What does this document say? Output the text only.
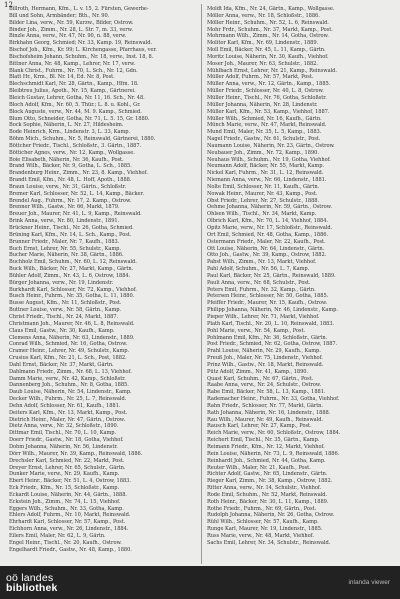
12
Billroth, Hermann, Kfm., L. v. 15, 2. Fürsten, Gewerbe-
Bill und Sohn, Armbänder; Bth., Nr. 90.
Bilder Lina, verw., Nr. 59, Kurzw., Bilder, Ostrow.
Binder Joh., Zimm., Nr. 28, L. Str. 7, m. 33, verw.
Binzle Anna, verw., Nr. 47, Nr. 90, n. 88, verw.
Birkhahn Georg, Schmied; Nr. 33, Kamp. 19, Reinswald.
Bischof Joh., Kfm., Kr. 99; L. Kirchengasse, Pfarrhaus, ver.
Bischofsheim Johann, Schuhm., Nr. 18, verw., Inst. 18, 8.
Bittner Anna, Nr. 48, Kamp., Lehrer, Nr. 17, verw.
Blank Christ., Fuhrm., Nr. 70, L. Sch., Nr. 12, Gdn.
Blatt Hr., Krm., Bl. Nr. 14, Ed. Nr. 8, Post.
Blechschmidt Karl, Nr. 28, Gärtn., Kamp., Hfm. 18.
Bleibtreu Julius, Apoth., Nr. 15, Kamp., Gärtnerei.
Bleich Gustav, Lehrer, Gotha, Nr. 11, 16. Sch., Nr. 48.
Bloch Adolf, Kfm., Nr. 60, 5. Thür.; L. 8. u. Kohl., Gr.
Block Auguste, verw., Nr. 44, M. 9. Kamp., Schmied.
Blum Otto, Schneider, Gotha, Nr. 71, L. 5. 15, Gr. 1880.
Bock Sophie, Näherin, L. Nr. 27, Hildesheim.
Bode Heinrich, Krm., Lindenstr. 3, L. 33, Kamp.
Böhm Mich., Schuhm., Nr. 5, Reinswald, Gärtnerei, 1880.
Böttcher Friedr., Tischl., Schloßstr., 3. Gärtn., 1887.
Bötticher Agnes, verw., Nr. 12, Kamp., Wollgasse.
Boie Elisabeth, Näherin, Nr. 36, Kaufh., Post.
Brand Wilh., Bäcker, Nr. 9, Gotha, L. Sch., 1885.
Brandenburg Heinr., Zimm., Nr. 23, 8. Kamp., Viehhof.
Brandt Emil, Kfm., Nr. 48, L. Hoff, Apoth., 1888.
Braun Louise, verw., Nr. 31, Gärtn., Schloßstr.
Bremer Karl, Schlosser, Nr. 52, L. 14, Kamp., Bäcker.
Brendel Aug., Fuhrm., Nr. 17, 2. Kamp., Ostrow.
Brenner Wilh., Gastw., Nr. 66, Markt, 1879.
Breuer Joh., Maurer, Nr. 41, L. 9, Kamp., Reinswald.
Brink Anna, verw., Nr. 80, Lindenstr., 1891.
Brückner Heinr., Tischl., Nr. 26, Gotha, Schmied.
Brüning Karl, Kfm., Nr. 14, L. Sch., Kamp., Post.
Brunner Friedr., Maler, Nr. 7, Kaufh., 1883.
Buch Ernst, Lehrer, Nr. 55, Schulstr., Kamp.
Bucher Marie, Näherin, Nr. 38, Gärtn., 1886.
Buchholz Emil, Schuhm., Nr. 60, L. 12, Reinswald.
Buck Wilh., Bäcker, Nr. 27, Markt, Kamp., Gärtn.
Bühler Adolf, Zimm., Nr. 43, L. 6, Ostrow, 1884.
Bürger Johanna, verw., Nr. 19, Lindenstr.
Burkhardt Karl, Schlosser, Nr. 72, Kamp., Viehhof.
Busch Heinr., Fuhrm., Nr. 35, Gotha, L. 11, 1880.
Busse August, Kfm., Nr. 11, Schloßstr., Post.
Buttner Louise, verw., Nr. 58, Gärtn., Kamp.
Christ Friedr., Tischl., Nr. 24, Markt, 1887.
Christmann Joh., Maurer, Nr. 46, L. 8, Reinswald.
Claus Emil, Gastw., Nr. 30, Kaufh., Kamp.
Clemens Anna, Näherin, Nr. 63, Lindenstr., 1889.
Conrad Wilh., Schmied, Nr. 16, Gotha, Ostrow.
Cramer Heinr., Lehrer, Nr. 49, Schulstr., Kamp.
Crusius Karl, Kfm., Nr. 21, L. Sch., Post, 1882.
Dahl Ernst, Bäcker, Nr. 37, Markt, Gärtn.
Dahlmann Friedr., Zimm., Nr. 68, L. 13, Viehhof.
Damm Marie, verw., Nr. 42, Kamp., Schloßstr.
Dannenberg Joh., Schuhm., Nr. 8, Gotha, 1885.
Daub Louise, Näherin, Nr. 54, Lindenstr., Kamp.
Decker Wilh., Fuhrm., Nr. 25, L. 7, Reinswald.
Dehn Adolf, Schlosser, Nr. 61, Kaufh., 1881.
Deiters Karl, Kfm., Nr. 13, Markt, Kamp., Post.
Dietrich Heinr., Maler, Nr. 47, Gärtn., Ostrow.
Dietz Anna, verw., Nr. 32, Schloßstr., 1890.
Dittmar Emil, Tischl., Nr. 70, L. 10, Kamp.
Doerr Friedr., Gastw., Nr. 18, Gotha, Viehhof.
Dohm Johanna, Näherin, Nr. 56, Lindenstr.
Dörr Wilh., Maurer, Nr. 39, Kamp., Reinswald, 1886.
Drechsler Karl, Schmied, Nr. 22, Markt, Post.
Dreyer Ernst, Lehrer, Nr. 65, Schulstr., Gärtn.
Dunker Marie, verw., Nr. 29, Kaufh., Kamp.
Ebert Heinr., Bäcker, Nr. 51, L. 4, Ostrow, 1883.
Eck Friedr., Kfm., Nr. 15, Schloßstr., Kamp.
Eckardt Louise, Näherin, Nr. 44, Gärtn., 1888.
Eckstein Joh., Zimm., Nr. 74, L. 15, Viehhof.
Eggers Wilh., Schuhm., Nr. 33, Gotha, Kamp.
Ehlers Adolf, Fuhrm., Nr. 10, Markt, Reinswald.
Ehrhardt Karl, Schlosser, Nr. 57, Kamp., Post.
Eichhorn Anna, verw., Nr. 26, Lindenstr., 1884.
Eilers Emil, Maler, Nr. 62, L. 9, Gärtn.
Engel Heinr., Tischl., Nr. 20, Kaufh., Ostrow.
Engelhardt Friedr., Gastw., Nr. 48, Kamp., 1880.
Moldt Ida, Kfm., Nr. 24, Gärtn., Kamp., Wollgasse.
Möller Anna, verw., Nr. 18, Schloßstr., 1886.
Möller Heinr., Schuhm., Nr. 52, L. 6, Reinswald.
Mohr Frdr., Schuhm., Nr. 37, Markt, Kamp., Post.
Mohrmann Wilh., Zimm., Nr. 14, Gotha, Ostrow.
Molitor Karl, Kfm., Nr. 69, Lindenstr., 1889.
Moll Emil, Bäcker, Nr. 45, L. 11, Kamp., Gärtn.
Moritz Louise, Näherin, Nr. 30, Kaufh., Viehhof.
Moser Joh., Maurer, Nr. 63, Schulstr., 1882.
Mühlbach Ernst, Lehrer, Nr. 21, Kamp., Reinswald.
Müller Adolf, Fuhrm., Nr. 57, Markt, Post.
Müller Anna, verw., Nr. 12, Gärtn., Kamp., 1885.
Müller Friedr., Schlosser, Nr. 40, L. 8, Ostrow.
Müller Heinr., Tischl., Nr. 76, Gotha, Schloßstr.
Müller Johanna, Näherin, Nr. 28, Lindenstr.
Müller Karl, Kfm., Nr. 53, Kamp., Viehhof, 1887.
Müller Wilh., Schmied, Nr. 16, Kaufh., Gärtn.
Münch Marie, verw., Nr. 47, Markt, Reinswald.
Mund Emil, Maler, Nr. 35, L. 5, Kamp., 1883.
Nagel Friedr., Gastw., Nr. 61, Schulstr., Post.
Naumann Louise, Näherin, Nr. 23, Gärtn., Ostrow.
Neubauer Joh., Zimm., Nr. 72, Kamp., 1890.
Neuhaus Wilh., Schuhm., Nr. 19, Gotha, Viehhof.
Neumann Adolf, Bäcker, Nr. 55, Markt, Kamp.
Nickel Karl, Fuhrm., Nr. 31, L. 12, Reinswald.
Niemann Anna, verw., Nr. 66, Lindenstr., 1881.
Nolte Emil, Schlosser, Nr. 11, Kaufh., Gärtn.
Nowak Heinr., Maurer, Nr. 43, Kamp., Post.
Obst Friedr., Lehrer, Nr. 27, Schulstr., 1888.
Oehme Johanna, Näherin, Nr. 59, Gärtn., Ostrow.
Ohlsen Wilh., Tischl., Nr. 34, Markt, Kamp.
Olbrich Karl, Kfm., Nr. 70, L. 14, Viehhof, 1884.
Opitz Marie, verw., Nr. 17, Schloßstr., Reinswald.
Ort Emil, Schmied, Nr. 48, Gotha, Kamp., 1886.
Ostermann Friedr., Maler, Nr. 22, Kaufh., Post.
Ott Louise, Näherin, Nr. 64, Lindenstr., Gärtn.
Otto Joh., Gastw., Nr. 39, Kamp., Ostrow, 1882.
Pabst Wilh., Zimm., Nr. 13, Markt, Viehhof.
Pahl Adolf, Schuhm., Nr. 56, L. 7, Kamp.
Paul Karl, Bäcker, Nr. 25, Gärtn., Reinswald, 1889.
Pauli Anna, verw., Nr. 68, Schulstr., Post.
Peters Emil, Fuhrm., Nr. 32, Kamp., Gärtn.
Petersen Heinr., Schlosser, Nr. 50, Gotha, 1885.
Pfeiffer Friedr., Maurer, Nr. 15, Kaufh., Ostrow.
Philipp Johanna, Näherin, Nr. 46, Lindenstr., Kamp.
Pieper Wilh., Lehrer, Nr. 71, Markt, Viehhof.
Plath Karl, Tischl., Nr. 20, L. 10, Reinswald, 1883.
Pohl Marie, verw., Nr. 54, Kamp., Post.
Pohlmann Emil, Kfm., Nr. 36, Schloßstr., Gärtn.
Post Friedr., Schmied, Nr. 62, Gotha, Ostrow, 1887.
Prahl Louise, Näherin, Nr. 29, Kaufh., Kamp.
Preuß Joh., Maler, Nr. 75, Lindenstr., Viehhof.
Prinz Wilh., Gastw., Nr. 18, Markt, Reinswald.
Pütz Adolf, Zimm., Nr. 41, Kamp., 1890.
Quast Karl, Schuhm., Nr. 67, Gärtn., Post.
Raabe Anna, verw., Nr. 24, Schulstr., Ostrow.
Rabe Emil, Bäcker, Nr. 58, L. 13, Kamp., 1881.
Rademacher Heinr., Fuhrm., Nr. 33, Gotha, Viehhof.
Rahn Friedr., Schlosser, Nr. 77, Markt, Gärtn.
Rath Johanna, Näherin, Nr. 16, Lindenstr., 1888.
Rau Wilh., Maurer, Nr. 49, Kaufh., Reinswald.
Rausch Karl, Lehrer, Nr. 27, Kamp., Post.
Reich Marie, verw., Nr. 60, Schloßstr., Ostrow, 1884.
Reichert Emil, Tischl., Nr. 35, Gärtn., Kamp.
Reimann Friedr., Kfm., Nr. 12, Markt, Viehhof.
Rein Louise, Näherin, Nr. 73, L. 9, Reinswald, 1886.
Reinhardt Joh., Schmied, Nr. 44, Gotha, Kamp.
Reuter Wilh., Maler, Nr. 21, Kaufh., Post.
Richter Adolf, Gastw., Nr. 65, Lindenstr., Gärtn.
Rieger Karl, Zimm., Nr. 38, Kamp., Ostrow, 1882.
Ritter Anna, verw., Nr. 14, Schulstr., Viehhof.
Rode Emil, Schuhm., Nr. 52, Markt, Reinswald.
Roth Heinr., Bäcker, Nr. 30, L. 11, Kamp., 1889.
Rothe Friedr., Fuhrm., Nr. 69, Gärtn., Post.
Rudolph Johanna, Näherin, Nr. 26, Gotha, Ostrow.
Rühl Wilh., Schlosser, Nr. 57, Kaufh., Kamp.
Runge Karl, Maurer, Nr. 19, Lindenstr., 1885.
Russ Marie, verw., Nr. 48, Markt, Viehhof.
Sachs Emil, Lehrer, Nr. 34, Schulstr., Reinswald.
oö landes
bibliothek	inlanda viewer
